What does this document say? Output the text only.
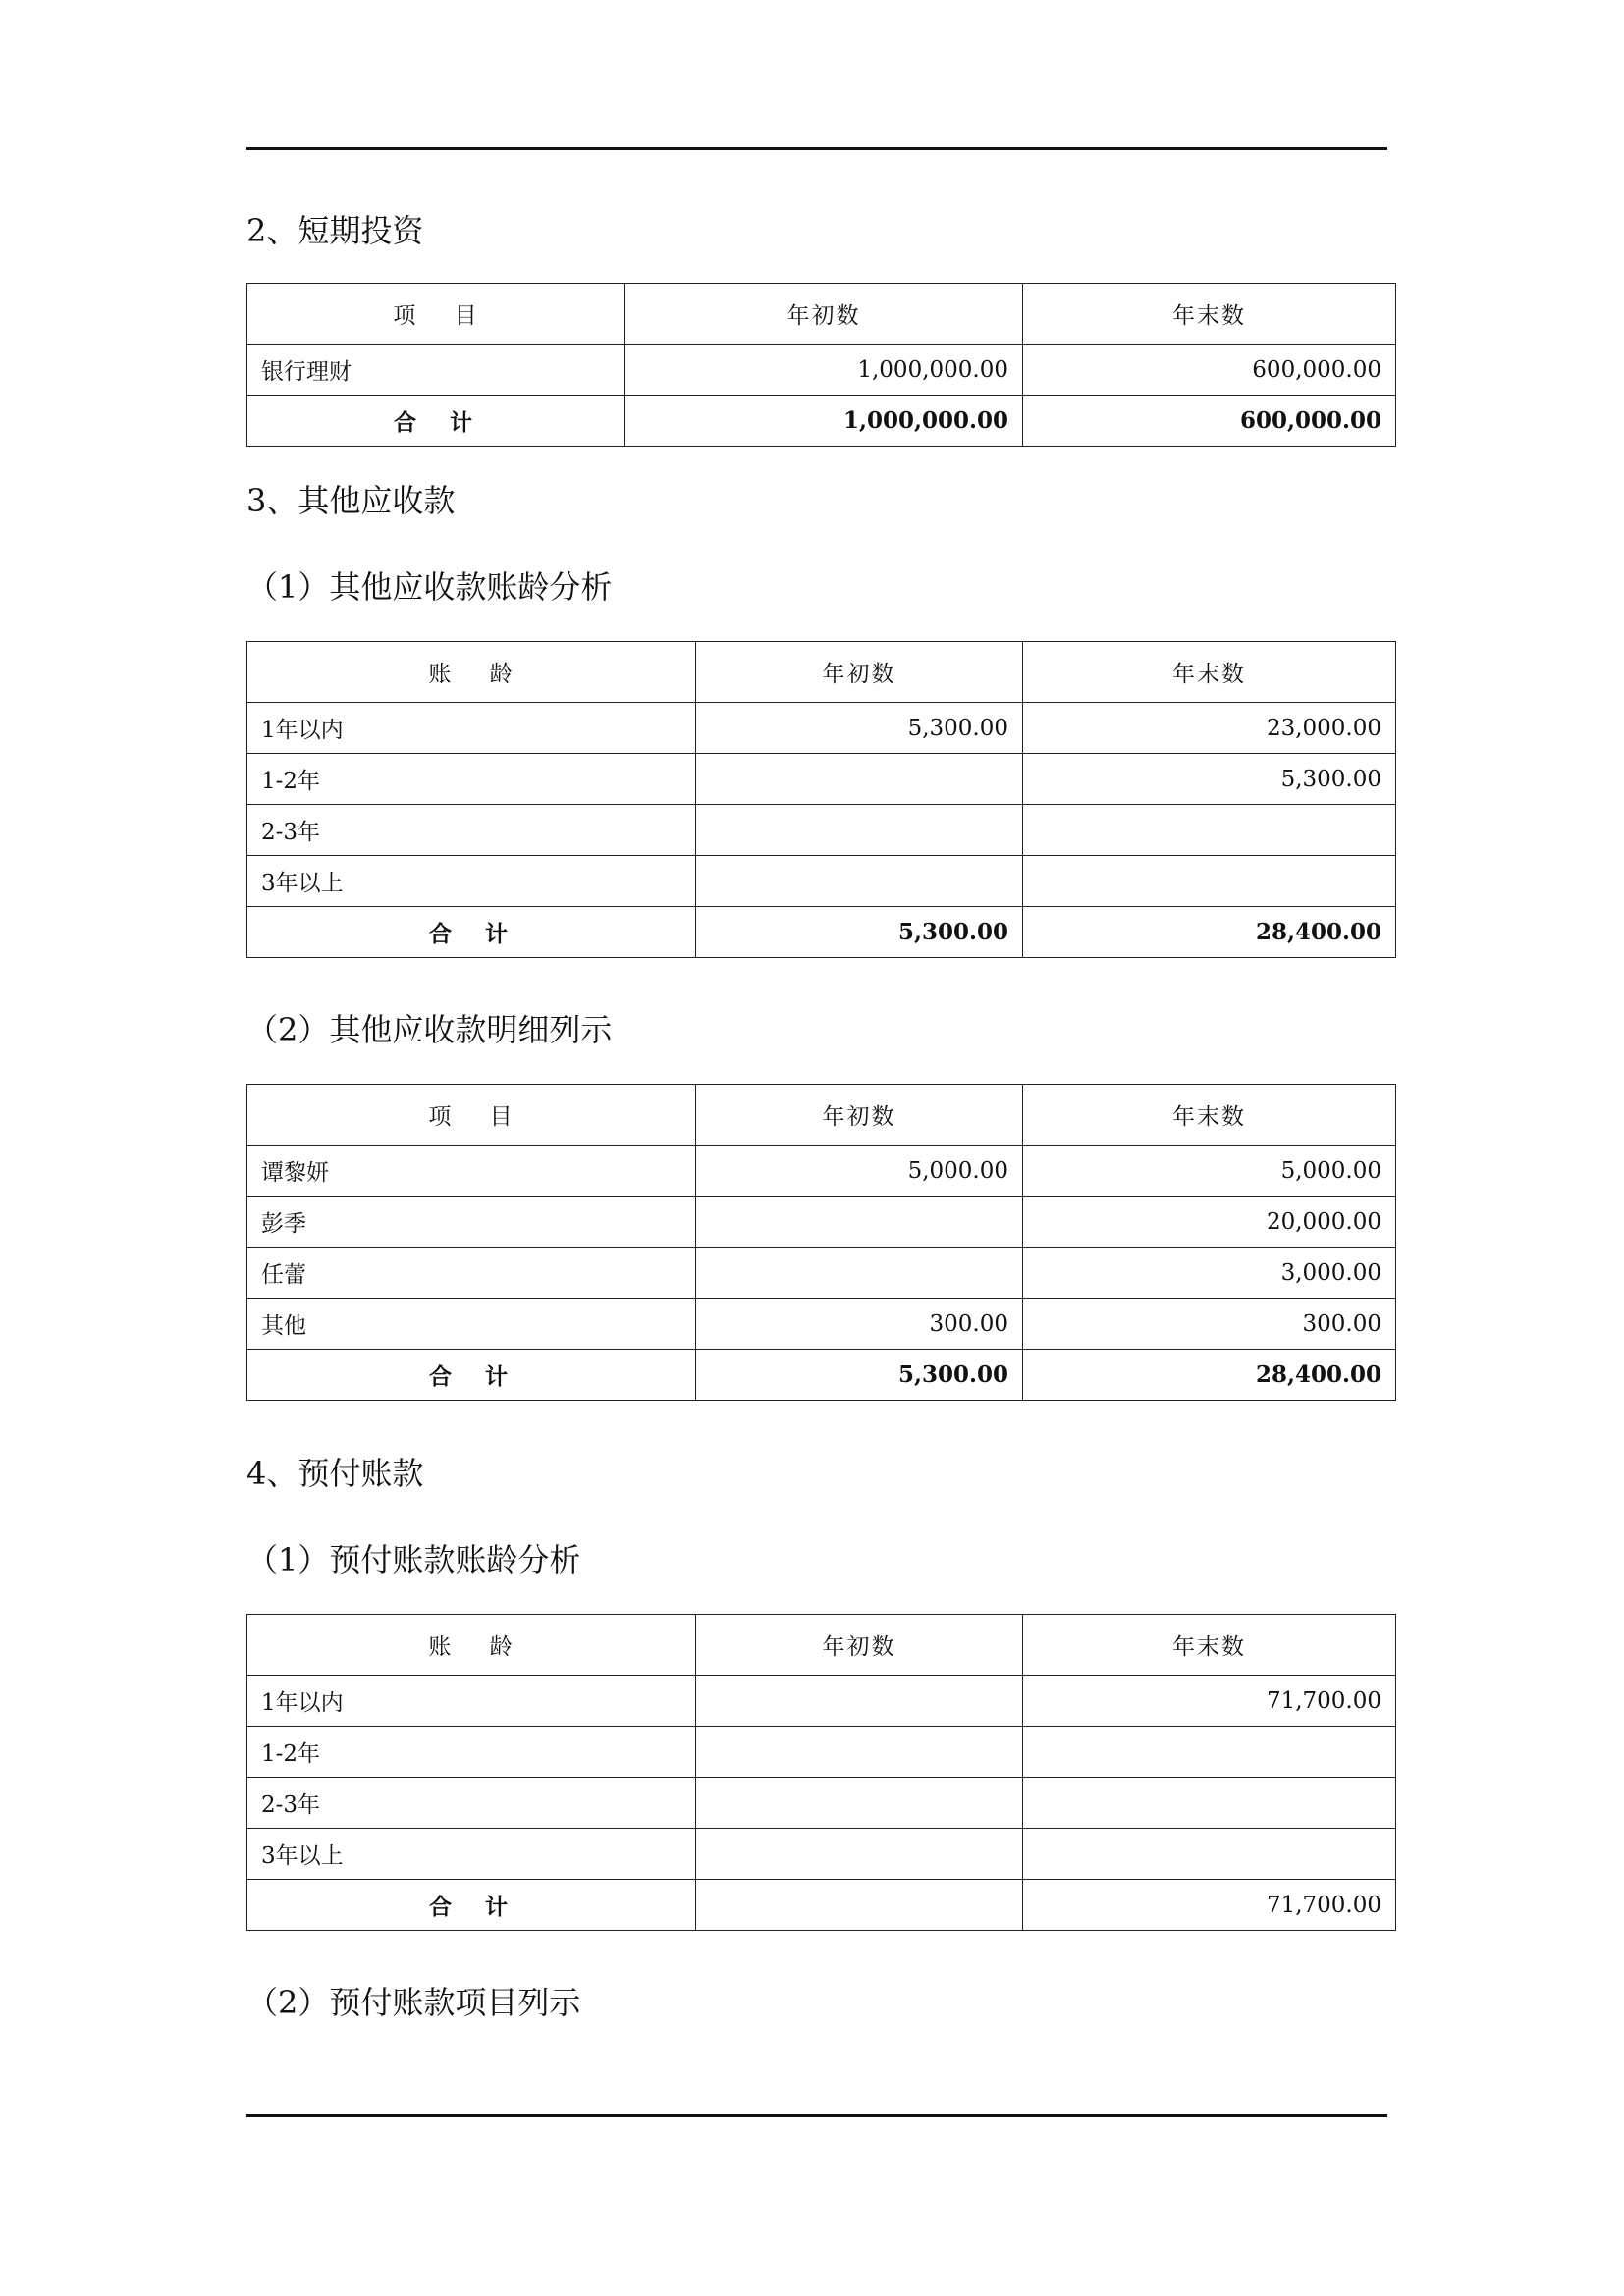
2、短期投资
项    目	年初数	年末数
银行理财	1,000,000.00	600,000.00
合  计	1,000,000.00	600,000.00
3、其他应收款
（1）其他应收款账龄分析
账    龄	年初数	年末数
1年以内	5,300.00	23,000.00
1-2年		5,300.00
2-3年		
3年以上		
合  计	5,300.00	28,400.00
（2）其他应收款明细列示
项    目	年初数	年末数
谭黎妍	5,000.00	5,000.00
彭季		20,000.00
任蕾		3,000.00
其他	300.00	300.00
合  计	5,300.00	28,400.00
4、预付账款
（1）预付账款账龄分析
账    龄	年初数	年末数
1年以内		71,700.00
1-2年		
2-3年		
3年以上		
合  计		71,700.00
（2）预付账款项目列示
